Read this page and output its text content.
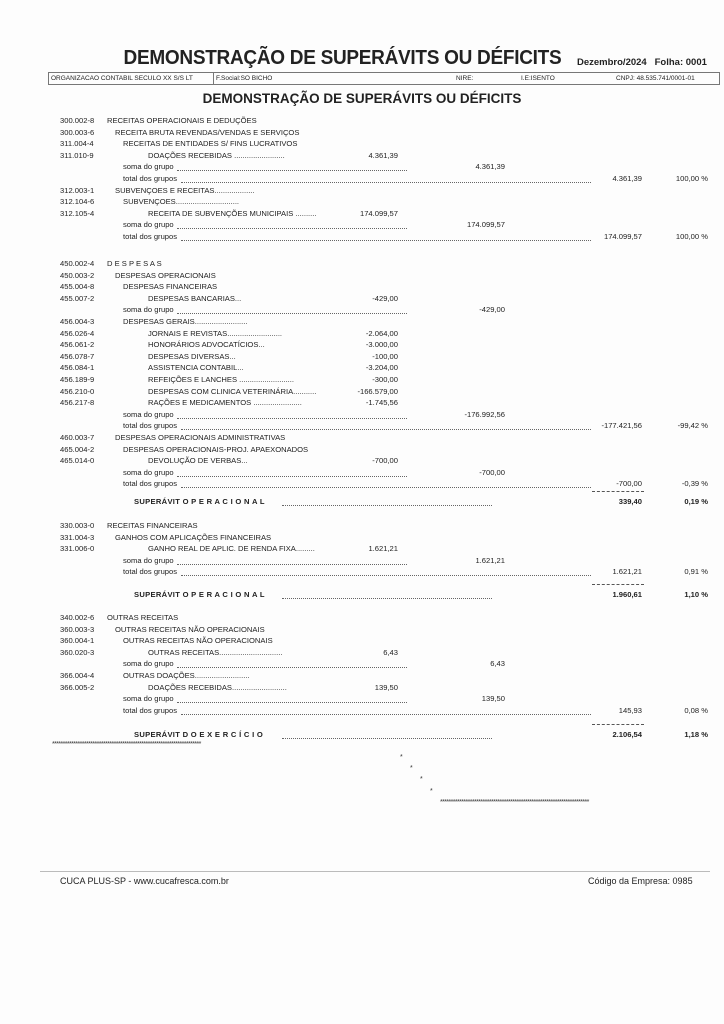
DEMONSTRAÇÃO DE SUPERÁVITS OU DÉFICITS	Dezembro/2024 Folha: 0001
ORGANIZACAO CONTABIL SECULO XX S/S LT	F.Social:SO BICHO	NIRE:	I.E:ISENTO	CNPJ: 48.535.741/0001-01
DEMONSTRAÇÃO DE SUPERÁVITS OU DÉFICITS
300.002-8 RECEITAS OPERACIONAIS E DEDUÇÕES
300.003-6	RECEITA BRUTA REVENDAS/VENDAS E SERVIÇOS
311.004-4	RECEITAS DE ENTIDADES S/ FINS LUCRATIVOS
311.010-9	DOAÇÕES RECEBIDAS ........................	4.361,39
soma do grupo	4.361,39
total dos grupos	4.361,39	100,00 %
312.003-1	SUBVENÇOES E RECEITAS...................
312.104-6	SUBVENÇOES..............................
312.105-4	RECEITA DE SUBVENÇÕES MUNICIPAIS ..........	174.099,57
soma do grupo	174.099,57
total dos grupos	174.099,57	100,00 %
450.002-4 D E S P E S A S
450.003-2	DESPESAS OPERACIONAIS
455.004-8	DESPESAS FINANCEIRAS
455.007-2	DESPESAS BANCARIAS...	-429,00
soma do grupo	-429,00
456.004-3	DESPESAS GERAIS.........................
456.026-4	JORNAIS E REVISTAS..........................	-2.064,00
456.061-2	HONORÁRIOS ADVOCATÍCIOS...	-3.000,00
456.078-7	DESPESAS DIVERSAS...	-100,00
456.084-1	ASSISTENCIA CONTABIL...	-3.204,00
456.189-9	REFEIÇÕES E LANCHES ..........................	-300,00
456.210-0	DESPESAS COM CLINICA VETERINÁRIA...........	-166.579,00
456.217-8	RAÇÕES E MEDICAMENTOS .......................	-1.745,56
soma do grupo	-176.992,56
total dos grupos	-177.421,56	-99,42 %
460.003-7	DESPESAS OPERACIONAIS ADMINISTRATIVAS
465.004-2	DESPESAS OPERACIONAIS-PROJ. APAEXONADOS
465.014-0	DEVOLUÇÃO DE VERBAS...	-700,00
soma do grupo	-700,00
total dos grupos	-700,00	-0,39 %
SUPERÁVIT O P E R A C I O N A L	339,40	0,19 %
330.003-0 RECEITAS FINANCEIRAS
331.004-3	GANHOS COM APLICAÇÕES FINANCEIRAS
331.006-0	GANHO REAL DE APLIC. DE RENDA FIXA.........	1.621,21
soma do grupo	1.621,21
total dos grupos	1.621,21	0,91 %
SUPERÁVIT O P E R A C I O N A L	1.960,61	1,10 %
340.002-6 OUTRAS RECEITAS
360.003-3	OUTRAS RECEITAS NÃO OPERACIONAIS
360.004-1	OUTRAS RECEITAS NÃO OPERACIONAIS
360.020-3	OUTRAS RECEITAS..............................	6,43
soma do grupo	6,43
366.004-4	OUTRAS DOAÇÕES..........................
366.005-2	DOAÇÕES RECEBIDAS..........................	139,50
soma do grupo	139,50
total dos grupos	145,93	0,08 %
SUPERÁVIT D O E X E R C Í C I O	2.106,54	1,18 %
**********************************************************************
*
*
*
*
**********************************************************************
CUCA PLUS-SP - www.cucafresca.com.br	Código da Empresa: 0985
